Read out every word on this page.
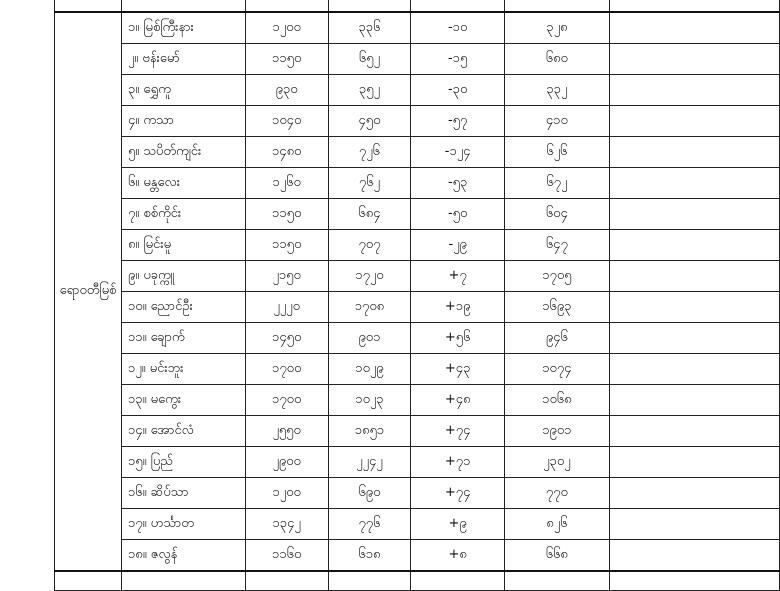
ရောဝတီမြစ်	၁။ မြစ်ကြီးနား	၁၂၀၀	၃၃၆	-၁၀	၃၂၈	
	၂။ ဗန်းမော်	၁၁၅၀	၆၅၂	-၁၅	၆၈၀	
	၃။ ရွှေကူ	၉၃၀	၃၅၂	-၃၀	၃၃၂	
	၄။ ကသာ	၁၀၄၀	၄၅၀	-၅၇	၄၁၀	
	၅။ သပိတ်ကျင်း	၁၄၈၀	၇၂၆	-၁၂၄	၆၂၆	
	၆။ မန္တလေး	၁၂၆၀	၇၆၂	-၅၃	၆၇၂	
	၇။ စစ်ကိုင်း	၁၁၅၀	၆၈၄	-၅၀	၆၀၄	
	၈။ မြင်းမူ	၁၁၅၀	၇၀၇	-၂၉	၆၄၇	
	၉။ ပခုက္ကူ	၂၁၅၀	၁၇၂၀	+၇	၁၇၀၅	
	၁၀။ ညောင်ဦး	၂၂၂၀	၁၇၀၈	+၁၉	၁၆၉၃	
	၁၁။ ချောက်	၁၄၅၀	၉၀၁	+၅၆	၉၄၆	
	၁၂။ မင်းဘူး	၁၇၀၀	၁၀၂၉	+၄၃	၁၀၇၄	
	၁၃။ မကွေး	၁၇၀၀	၁၀၂၃	+၄၈	၁၀၆၈	
	၁၄။ အောင်လံ	၂၅၅၀	၁၈၅၁	+၇၄	၁၉၀၁	
	၁၅။ ပြည်	၂၉၀၀	၂၂၄၂	+၇၁	၂၃၀၂	
	၁၆။ ဆိပ်သာ	၁၂၀၀	၆၉၀	+၇၄	၇၇၀	
	၁၇။ ဟင်္သာတ	၁၃၄၂	၇၇၆	+၉	၈၂၆	
	၁၈။ ဇလွန်	၁၁၆၀	၆၁၈	+၈	၆၆၈	
